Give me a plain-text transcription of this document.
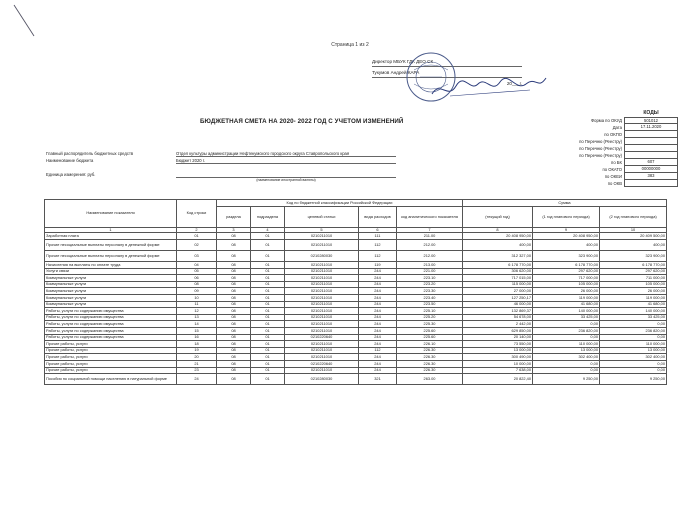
Страница 1 из 2
Директор МБУК ГДК ДЕО СК
Тукумов Андрей КАРА
20___г.
БЮДЖЕТНАЯ СМЕТА НА 2020- 2022 ГОД С УЧЕТОМ ИЗМЕНЕНИЙ
КОДЫ
Форма по ОКУД	501012
Дата	17.11.2020
по ОКПО
по Перечню (Реестру)
по Перечню (Реестру)
по Перечню (Реестру)
по БК	607
по ОКАТО	00000000
по ОКЕИ	383
по ОКВ
Главный распорядитель бюджетных средств	Отдел культуры администрации Нефтекумского городского округа Ставропольского края
Наименование бюджета	Бюджет 2020 г.
Единица измерения: руб.
(наименование иностранной валюты)
Наименование показателя	Код строки	Код по бюджетной классификации Российской Федерации					Сумма		
		раздела	подраздела	целевой статьи	вида расходов	код аналитического показателя	(текущий год)	(1 год планового периода)	(2 год планового периода)
1	2	3	4	5	6	7	8	9	10
Заработная плата	01	08	01	0210211010	111	211.00	20 408 950,00	20 408 950,00	20 409 500,00
Прочие несоциальные выплаты персоналу в денежной форме	02	08	01	0210211010	112	212.00	400,00	400,00	400,00
Прочие несоциальные выплаты персоналу в денежной форме	03	08	01	0210280030	112	212.00	312 327,00	323 900,00	323 900,00
Начисления на выплаты по оплате труда	04	08	01	0210211010	119	213.00	6 178 770,00	6 178 770,00	6 178 770,00
Услуги связи	05	08	01	0210211010	244	221.00	306 620,00	297 620,00	297 620,00
Коммунальные услуги	06	08	01	0210211010	244	223.10	717 015,00	717 000,00	711 000,00
Коммунальные услуги	08	08	01	0210211010	244	223.20	115 000,00	105 000,00	105 000,00
Коммунальные услуги	09	08	01	0210211010	244	223.30	27 000,00	26 000,00	26 000,00
Коммунальные услуги	10	08	01	0210211010	244	223.40	127 250,17	119 000,00	119 000,00
Коммунальные услуги	11	08	01	0210211010	244	223.50	46 000,00	41 680,00	41 680,00
Работы, услуги по содержанию имущества	12	08	01	0210211010	244	225.10	132 869,37	140 000,00	140 000,00
Работы, услуги по содержанию имущества	13	08	01	0210211010	244	225.20	54 678,00	33 425,00	33 425,00
Работы, услуги по содержанию имущества	14	08	01	0210211010	244	225.30	2 442,00	0,00	0,00
Работы, услуги по содержанию имущества	15	08	01	0210211010	244	225.60	629 850,00	236 820,00	236 820,00
Работы, услуги по содержанию имущества	16	08	01	0210220640	244	225.60	20 140,00	0,00	0,00
Прочие работы, услуги	18	08	01	0210211010	244	226.10	73 550,00	110 000,00	110 000,00
Прочие работы, услуги	19	08	01	0210211010	112	226.30	13 000,00	13 000,00	13 000,00
Прочие работы, услуги	20	08	01	0210211010	244	226.30	300 490,00	302 400,00	302 400,00
Прочие работы, услуги	21	08	01	0210220640	244	226.30	10 000,00	0,00	0,00
Прочие работы, услуги	23	08	01	0210211010	244	226.30	7 638,00	0,00	0,00
Пособия по социальной помощи населению в натуральной форме	24	08	01	0210280030	321	263.00	20 822,40	9 250,00	9 250,00
